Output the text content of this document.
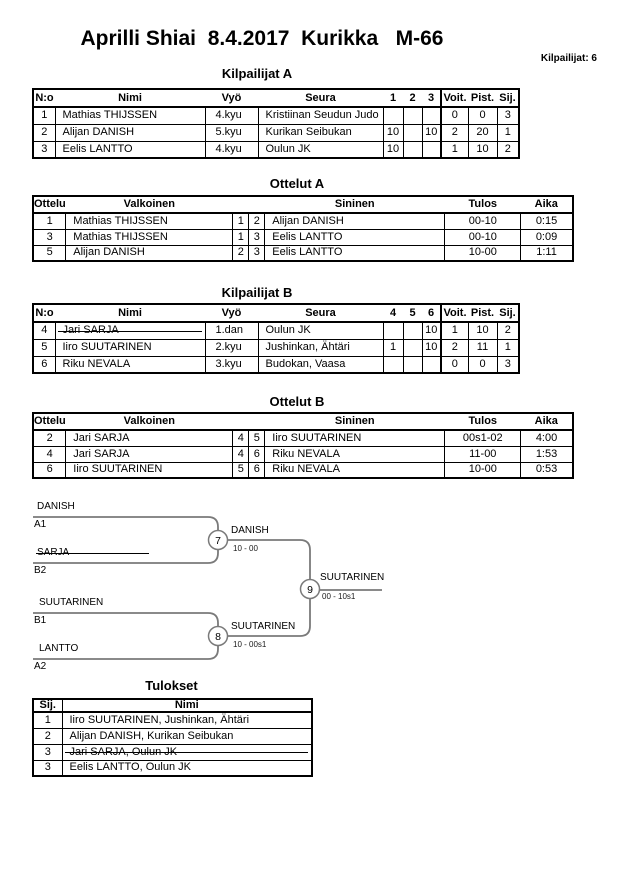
Aprilli Shiai  8.4.2017  Kurikka   M-66
Kilpailijat: 6
Kilpailijat A
N:o	Nimi	Vyö	Seura	1	2	3	Voit.	Pist.	Sij.
1	Mathias THIJSSEN	4.kyu	Kristiinan Seudun Judo				0	0	3
2	Alijan DANISH	5.kyu	Kurikan Seibukan	10		10	2	20	1
3	Eelis LANTTO	4.kyu	Oulun JK	10			1	10	2
Ottelut A
Ottelu	Valkoinen			Sininen	Tulos	Aika
1	Mathias THIJSSEN	1	2	Alijan DANISH	00-10	0:15
3	Mathias THIJSSEN	1	3	Eelis LANTTO	00-10	0:09
5	Alijan DANISH	2	3	Eelis LANTTO	10-00	1:11
Kilpailijat B
N:o	Nimi	Vyö	Seura	4	5	6	Voit.	Pist.	Sij.
4	Jari SARJA	1.dan	Oulun JK			10	1	10	2
5	Iiro SUUTARINEN	2.kyu	Jushinkan, Ähtäri	1		10	2	11	1
6	Riku NEVALA	3.kyu	Budokan, Vaasa				0	0	3
Ottelut B
Ottelu	Valkoinen			Sininen	Tulos	Aika
2	Jari SARJA	4	5	Iiro SUUTARINEN	00s1-02	4:00
4	Jari SARJA	4	6	Riku NEVALA	11-00	1:53
6	Iiro SUUTARINEN	5	6	Riku NEVALA	10-00	0:53
7
8
9
DANISH
A1
SARJA
B2
SUUTARINEN
B1
LANTTO
A2
DANISH
10 - 00
SUUTARINEN
10 - 00s1
SUUTARINEN
00 - 10s1
Tulokset
Sij.	Nimi
1	Iiro SUUTARINEN, Jushinkan, Ähtäri
2	Alijan DANISH, Kurikan Seibukan
3	Jari SARJA, Oulun JK
3	Eelis LANTTO, Oulun JK
